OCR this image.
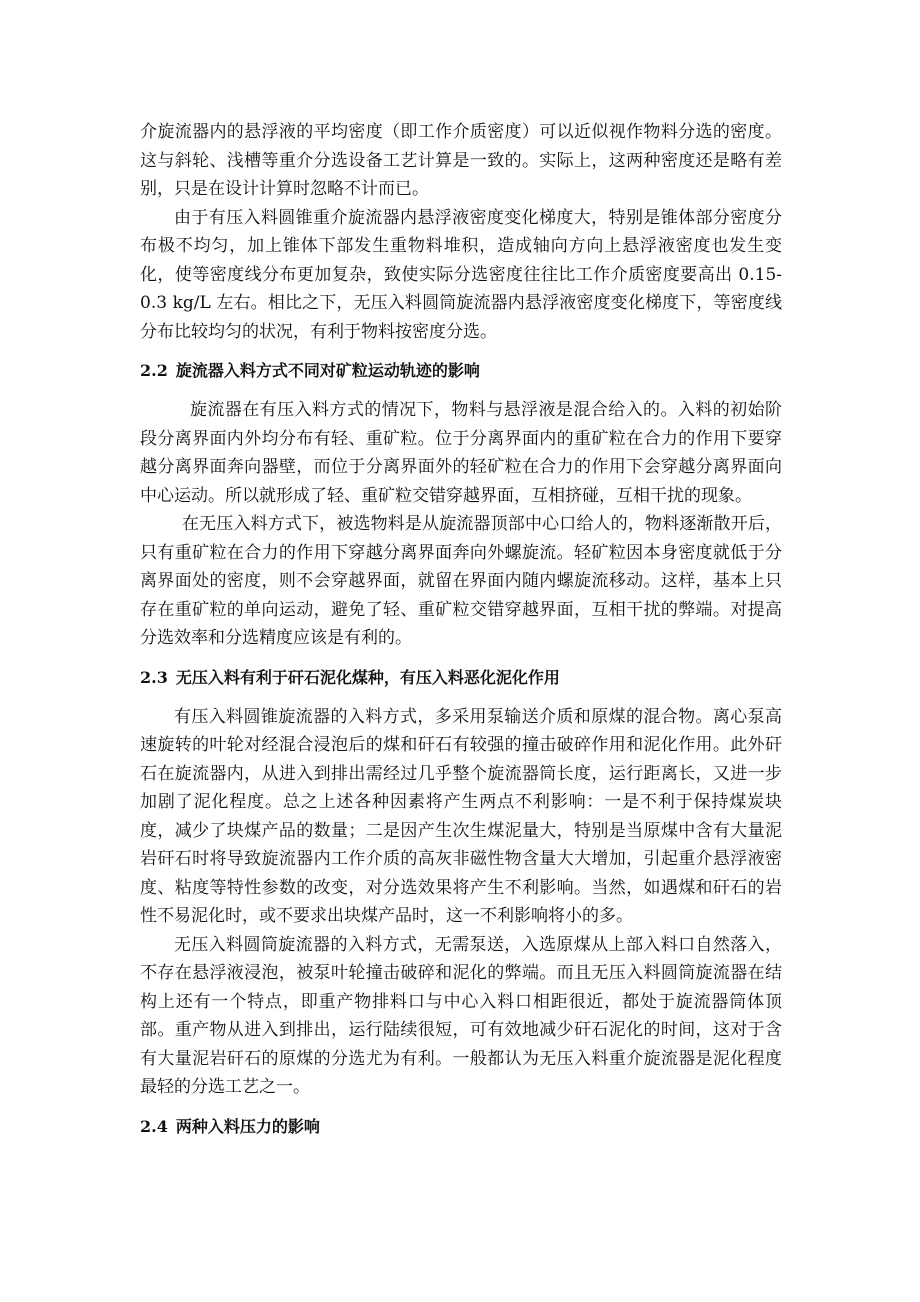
介旋流器内的悬浮液的平均密度（即工作介质密度）可以近似视作物料分选的密度。这与斜轮、浅槽等重介分选设备工艺计算是一致的。实际上，这两种密度还是略有差别，只是在设计计算时忽略不计而已。

由于有压入料圆锥重介旋流器内悬浮液密度变化梯度大，特别是锥体部分密度分布极不均匀，加上锥体下部发生重物料堆积，造成轴向方向上悬浮液密度也发生变化，使等密度线分布更加复杂，致使实际分选密度往往比工作介质密度要高出 0.15-0.3 kg/L 左右。相比之下，无压入料圆筒旋流器内悬浮液密度变化梯度下，等密度线分布比较均匀的状况，有利于物料按密度分选。

2.2 旋流器入料方式不同对矿粒运动轨迹的影响

旋流器在有压入料方式的情况下，物料与悬浮液是混合给入的。入料的初始阶段分离界面内外均分布有轻、重矿粒。位于分离界面内的重矿粒在合力的作用下要穿越分离界面奔向器壁，而位于分离界面外的轻矿粒在合力的作用下会穿越分离界面向中心运动。所以就形成了轻、重矿粒交错穿越界面，互相挤碰，互相干扰的现象。

在无压入料方式下，被选物料是从旋流器顶部中心口给人的，物料逐渐散开后，只有重矿粒在合力的作用下穿越分离界面奔向外螺旋流。轻矿粒因本身密度就低于分离界面处的密度，则不会穿越界面，就留在界面内随内螺旋流移动。这样，基本上只存在重矿粒的单向运动，避免了轻、重矿粒交错穿越界面，互相干扰的弊端。对提高分选效率和分选精度应该是有利的。

2.3 无压入料有利于矸石泥化煤种，有压入料恶化泥化作用

有压入料圆锥旋流器的入料方式，多采用泵输送介质和原煤的混合物。离心泵高速旋转的叶轮对经混合浸泡后的煤和矸石有较强的撞击破碎作用和泥化作用。此外矸石在旋流器内，从进入到排出需经过几乎整个旋流器筒长度，运行距离长，又进一步加剧了泥化程度。总之上述各种因素将产生两点不利影响：一是不利于保持煤炭块度，减少了块煤产品的数量；二是因产生次生煤泥量大，特别是当原煤中含有大量泥岩矸石时将导致旋流器内工作介质的高灰非磁性物含量大大增加，引起重介悬浮液密度、粘度等特性参数的改变，对分选效果将产生不利影响。当然，如遇煤和矸石的岩性不易泥化时，或不要求出块煤产品时，这一不利影响将小的多。

无压入料圆筒旋流器的入料方式，无需泵送，入选原煤从上部入料口自然落入，不存在悬浮液浸泡，被泵叶轮撞击破碎和泥化的弊端。而且无压入料圆筒旋流器在结构上还有一个特点，即重产物排料口与中心入料口相距很近，都处于旋流器筒体顶部。重产物从进入到排出，运行陆续很短，可有效地减少矸石泥化的时间，这对于含有大量泥岩矸石的原煤的分选尤为有利。一般都认为无压入料重介旋流器是泥化程度最轻的分选工艺之一。

2.4 两种入料压力的影响
